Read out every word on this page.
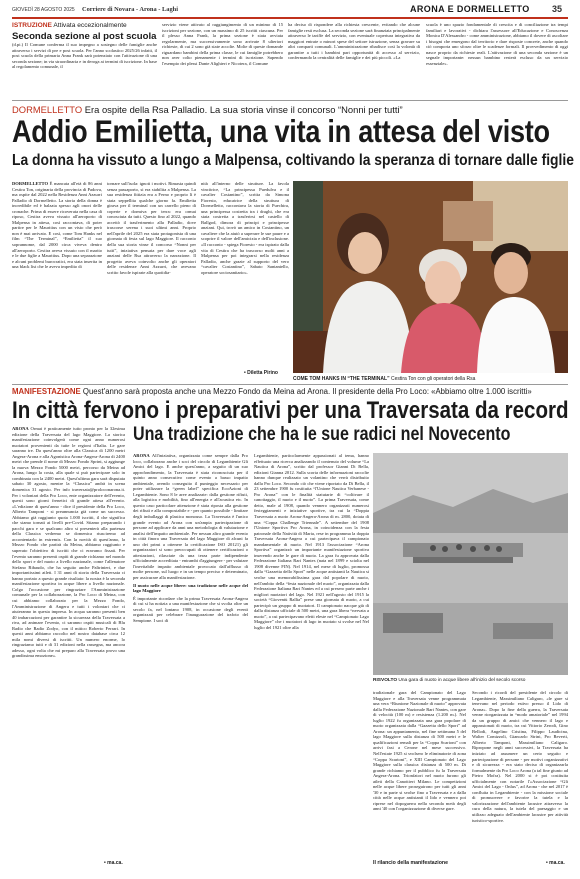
GIOVEDÌ 28 AGOSTO 2025 Corriere di Novara - Arona - Laghi	ARONA E DORMELLETTO 35
ISTRUZIONE Attivata eccezionalmente
Seconda sezione al post scuola

(d.pi.) Il Comune conferma il suo impegno a sostegno delle famiglie anche attraverso i servizi di pre e post scuola. Per l'anno scolastico 2025/26 infatti, il post scuola della primaria Anna Frank sarà potenziato con l'attivazione di una seconda sezione; in via straordinaria e in deroga ai termini di iscrizione. In base al regolamento comunale, il

servizio viene attivato al raggiungimento di un minimo di 15 iscrizioni per sezione, con un massimo di 25 iscritti ciascuna. Per il plesso Anna Frank, la prima sezione è stata avviata regolarmente, ma successivamente sono arrivate 8 ulteriori richieste, di cui 2 sono già state accolte. Molte di queste domande riguardano bambini della prima classe, le cui famiglie potrebbero non aver colto pienamente i termini di iscrizione. Sapendo l'esempio dei plessi Dante Alighieri e Nicotera, il Comune

ha deciso di rispondere alla richiesta crescente, evitando che alcune famiglie resti esclusa. La seconda sezione sarà finanziata principalmente attraverso le tariffe del servizio, con eventuale copertura integrativa da maggiori entrate o minori spese del settore istruzione, senza gravare su altri comparti comunali. L'amministrazione ribadisce così la volontà di garantire a tutti i bambini pari opportunità di accesso al servizio, confermando la centralità delle famiglie e dei più piccoli. «La

scuola è uno spazio fondamentale di crescita e di conciliazione tra tempi familiari e lavorativi - dichiara l'assessore all'Educazione e Conoscenza Monica D'Alessandro - come amministrazione, abbiamo il dovere di ascoltare i bisogni che emergono dal territorio e dare risposte concrete, anche quando ciò comporta uno sforzo oltre le scadenze formali. Il provvedimento di oggi nasce proprio da richieste reali. L'attivazione di una seconda sezione è un segnale importante: nessun bambino resterà escluso da un servizio essenziale».

DORMELLETTO Era ospite della Rsa Palladio. La sua storia vinse il concorso “Nonni per tutti”
Addio Emilietta, una vita in attesa del visto
La donna ha vissuto a lungo a Malpensa, coltivando la speranza di tornare dalle figlie

DORMELLETTO È mancata all'età di 86 anni Cestira Ton, originaria della provincia di Padova, ma ospite dal 2022 nella Residenza Anni Azzurri Palladio di Dormelletto. La storia della donna è incredibile ed è balzata spesso agli onori delle cronache. Prima di essere ricoverata nella casa di riposo, Cestira aveva vissuto all'aeroporto di Malpensa in attesa, così raccontava, di poter partire per le Mauritius con un visto che però non è mai arrivato. E così, come Tom Hanks nel film “The Terminal”, “Emilietta” il suo soprannome, dal 2000 circa viveva dentro all'aeroporto. Cestira aveva vissuto con il marito e le due figlie a Mauritius. Dopo una separazione e alcuni problemi burocratici, era stata inserita in una black list che le aveva impedito di

tornare sull'isola: ignoti i motivi. Rimasta quindi senza passaporto, si era stabilita a Malpensa. La sua residenza fittizia era a Ferno e proprio lì è stata seppellita qualche giorno fa. Emilietta girava per il terminal con un carrello pieno di coperte e dormiva per terra: era ormai conosciuta da tutti. Questo fino al 2022, quando accettò il trasferimento alla Palladio, dove trascorse serena i suoi ultimi anni. Proprio nell'aprile del 2025 era stata protagonista di una giornata di festa sul lago Maggiore. Il racconto della sua storia vinse il concorso “Nonni per tutti”, iniziativa pensata per dare voce agli anziani delle Rsa attraverso la narrazione. Il progetto aveva coinvolto anche gli operatori delle residenze Anni Azzurri, che avevano scritto favole ispirate alla quotidia-

nità all'interno delle strutture. La favola vincitrice, “La principessa Puedulva e il cavalier Costantino”, scritta da Simona Fioresto, educatrice della struttura di Dormelletto, raccontava la storia di Puechira, una principessa costretta tra i draghi, che era stata costretta a trasferirsi nel castello di Ballgod, dimora di principi e principesse anziani. Qui, trovò un amico in Costantino, un cavaliere che la aiutò a superare le sue paure e a scoprire il valore dell'amicizia e dell'inclusione. «Il racconto - spiega Fioresto - era ispirato dalla vita di Cestira che ha trascorso molti anni a Malpensa per poi integrarsi nella residenza Palladio, anche grazie al supporto del vero “cavalier Costantino”, Sabato Santaniello, operatore sociosanitario».

• Diletta Pirino
COME TOM HANKS IN “THE TERMINAL” Cestira Ton con gli operatori della Rsa
MANIFESTAZIONE Quest'anno sarà proposta anche una Mezzo Fondo da Meina ad Arona. Il presidente della Pro Loco: «Abbiamo oltre 1.000 iscritti»
In città fervono i preparativi per una Traversata da record

ARONA Ormai è praticamente tutto pronto per la 32esima edizione della Traversata del lago Maggiore. La storica manifestazione coinvolgerà come ogni anno numerosi nuotatori provenienti da tutte le regioni d'Italia. Le gare saranno tre. Da quest'anno oltre alla Classica di 1200 metri Angera-Arona e alla Agonistica Arona-Angera-Arona di 2400 metri che prende il nome di Mezzo Fondo Sprint, si aggiunge la nuova Mezzo Fondo 5000 metri, percorso da Meina ad Arona, lungo la costa, alla quale si può partecipare solo in combinata con la 2400 metri. Quest'ultima gara sarà disputata sabato 30 agosto, mentre la “Classica” andrà in scena domenica 31 agosto. Per info traversata@proloconarona.it. Per i volontari della Pro Loco, ente organizzatore dell'evento, questi sono giorni frenetici di grande attesa all'evento. «L'edizione di quest'anno - dice il presidente della Pro Loco, Alberto Tamponi - si preannuncia già come un successo. Abbiamo già raggiunto quota 1.000 iscritti, il che significa che siamo tornati ai livelli pre-Covid. Stiamo preparando i pacchi gara e se qualcuno altro si presenterà alla partenza della Classica vedremo se domenica riusciremo ad accontentarlo in extremis. Con la novità di quest'anno, la Mezzo Fondo che partirà da Meina, abbiamo raggiunto e superato l'obiettivo di iscritti che ci eravamo fissati. Per l'evento saranno presenti ospiti di grande richiamo nel mondo dello sport e del nuoto a livello nazionale, come l'allenatore Stefano Ribaudo, che ha seguito anche Paltrinieri, e due importantissimi atleti. I 31 anni di storia della Traversata ci hanno portato a questo grande risultato: la nostra è la seconda manifestazione sportiva in acque libere a livello nazionale. Colgo l'occasione per ringraziare l'Amministrazione comunale per la collaborazione, la Pro Loco di Meina, con cui abbiamo collaborato per la Mezzo Fondo, l'Amministrazione di Angera e tutti i volontari che ci aiuteranno in questa impresa. In acqua saranno presenti ben 40 imbarcazioni per garantire la sicurezza della Traversata a riva, ad animare l'evento, ci saranno ospiti musicali di Blu Radio che Radio Zodyo, con il mitico Roberto Ferrari. In questi anni abbiamo raccolto nel nostro database circa 12 mila nomi diversi di iscritti. Un numero enorme, lo ringraziamo tutti e di 31 edizioni nella rassegna, ma ancora adesso, ogni volta che mi preparo alla Traversata provo una grandissima emozione».

• ma.ca.
Una tradizione che ha le sue radici nel Novecento

ARONA All'iniziativa, organizzata come sempre dalla Pro loco, collaborano anche i soci del circolo di Legambiente Gli Amici del lago. E anche quest'anno, a seguito di un suo approfondimento, la Traversata è stata riconosciuta per il quinto anno consecutivo come evento a basso impatto ambientale, avendo conseguito il punteggio necessario per poter utilizzare la “green label” specifica EcoAzioni di Legambiente. Sono 8 le aree analizzate: dalla gestione rifiuti, alla logistica e mobilità, fino all'energia e all'acustica etc. In questo caso particolare attenzione è stata riposta alla gestione dei rifiuti e alla compostabile e - per quanto possibile - limitare degli imballaggi di plastica monouso. La Traversata è l'unico grande evento ad Arona con un'ampia partecipazione di persone ad applicare da anni una metodologia di valutazione e analisi dell'impatto ambientale. Per nessun altro grande evento in città finora una Traversata del lago Maggiore di alcuni fa uno dei primi a ottenere la certificazione ISO 20121) gli organizzatori si sono preoccupati di ottenere certificazioni o attestazioni, rilasciate da una terza parte indipendente ufficialmente accreditata - entrambi d'aggiungere - per valutare l'inevitabile impatto ambientale provocato dall'afflusso di molte persone, sul luogo e in un tempo preciso e determinato, per assicurare alla manifestazione.

Il nuoto nelle acque libere: una tradizione nelle acque del lago Maggiore

È importante ricordare che la prima Traversata Arona-Angera di cui si ha notizia a una manifestazione che si svolta oltre un secolo fa, nel lontano 1908, in occasione degli eventi organizzati per celebrare l'inaugurazione del trafoto del Sempione. I soci di

Legambiente, particolarmente appassionati al tema, hanno effettuato una ricerca analizzando il contenuto del volume “La Nautica di Arona”, scritto dal professor Gianni Di Bella, edizioni Gianna 2012. Sulla scorta delle informazioni raccolte hanno dunque realizzato un volantino che verrà distribuito dalla Pro Loco. Secondo ciò che viene riportato da Di Bella, il 23 settembre 1900 fu costituita “l'Unione Nautica Verbanese - Pro Arona” con le finalità statutarie di “coltivare il canottaggio, il nuoto e il nuoto”. La prima Traversata, come detto, male al 1908, quando vennero organizzati numerosi festeggiamenti e iniziative sportive, tra cui la “Doppia Traversata a nuoto Arona-Angera-Arona di m. 2800, dotata di una “Coppa Challenge Triennale”. A settembre del 1908 l'Unione Sportiva Pro Arona, in coincidenza con la festa patronale della Natività di Maria, rese in programma la doppia Traversata Arona-Angera a cui partecipava il campionato mandamentale di nuoto. Nel 1913 l'associazione “Arona Sportiva” organizzò un importante manifestazione sportiva inserendo anche le gare di nuoto. La gara fu approvata dalla Federazione Italiana Rari Nantes (nata nel 1899 e sciolta nel 1908 divenne FIN). Nel 1914, nel mese di luglio, promossa dalla “Gazzetta dello Sport” nelle acque antistanti la Nautica si svolse una memorabilissima gara dal popolare di nuoto, nell'ambito della “festa nazionale del nuoto”, organizzata dalla Federazione Italiana Rari Nantes ed a cui presero parte anche i migliori nuotatori del lago. Nel 1921 nell'agosto del 1915 la società “Gioventù Rallia” prese una giornata di nuoto, a cui partecipò un gruppo di nuotatori. Il campionato nacque già di dalla distanza ufficiale di 500 metri, una gara libera “nervata a nuoto”, a cui partecipavano eletti eleste nel “Campionato Lago Maggiore” che i nuotatori di lago in nuotato si svolse nel Nel luglio del 1921 oltre alla

RISVOLTO Una gara di nuoto in acque libere all'inizio del secolo scorso

tradizionale gara del Campionato del Lago Maggiore e alla Traversata venne programmata una vera “Riunione Nazionale di nuoto” approvata dalla Federazione Nazionale Rari Nantes, con gare di velocità (100 m) e resistenza (1.200 m.). Nel luglio 1922 fu organizzata una gara popolare di nuoto organizzata dalla “Gazzetta dello Sport” ad Arona: un appuntamento, nel fine settimana 5 del lago Maggiore sulla distanza di 500 metri e le qualificazioni remali per la “Coppa Scarioni” con arrivi fasi a Cerone nel mese successivo. Nell'estate 1925 si svolsero le eliminatorie di zona “Coppa Scarioni”, e XIII Campionato del Lago Maggiore sulla classica distanza di 500 m. Di grande richiamo per il pubblico fu la Traversata Angera-Arona. Trionfatori nel nuoto furono gli atleti della Canottieri Milano. Le competizioni nelle acque libere proseguirono per tutti gli anni '30 e in parte si svolse fino a Traversata e a dalla città nelle acque antistanti il lido e vennero poi riprese nel dopoguerra nella seconda metà degli anni '40 con l'organizzazione di diverse gare.

Il rilancio della manifestazione

Secondo i ricordi del presidente del circolo di Legambiente, Massimiliano Caligaro, «le gare si tenevano nel periodo estivo presso il Lido di Arona». Dopo la fine della guerra, la Traversata venne riorganizzata in “modo amatoriale” nel 1994 da un gruppo di amici che vennero il lago e appassionati di nuoto, tra cui Vittorio Zerodi, Gino Bellodi, Angelino Cristina, Filippo Laudicina, Walter Comizzoli, Giancarlo Strini, Pro Reverti, Alberto Tamponi, Massimiliano Caligaro. Ripropone negli anni successivi, la Traversata ha iniziato ad assumere un certo seguito e partecipazione di persone - per motivi organizzativi e di sicurezza - era stato deciso di organizzarla formalmente da Pro Loco Arona (a tal fine giunto ad Pietro Mofra). Nel 2000 si è poi costituita ufficialmente con notarile l'«Associazione “Gli Amici del Lago - Onlus”, ad Arona - che nel 2017 è confluita in Legambiente - con la missione sociale di promuovere e favorire la tutela e la valorizzazione dell'ambiente lacustre attraverso la cura della natura, la tutela del paesaggio e un utilizzo adeguato dell'ambiente lacustre per attività turistico-sportive.

• ma.ca.
